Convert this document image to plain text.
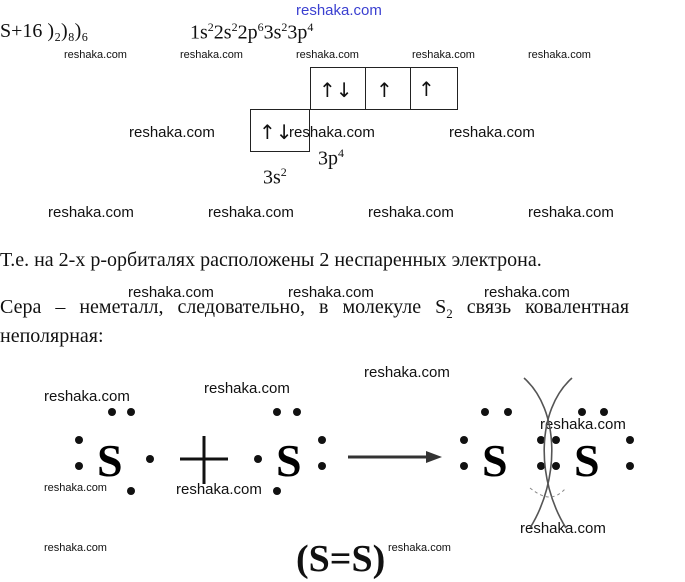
reshaka.com
S+16 )₂)₈)₆	$1s^22s^22p^63s^23p^4$
reshaka.com	reshaka.com	reshaka.com	reshaka.com	reshaka.com
↑↓ ↑ ↑
↑↓
reshaka.com	reshaka.com	reshaka.com
$3p^4$
$3s^2$
reshaka.com	reshaka.com	reshaka.com	reshaka.com
Т.е. на 2-х р-орбиталях расположены 2 неспаренных электрона.
reshaka.com	reshaka.com	reshaka.com
Сера – неметалл, следовательно, в молекуле $S_2$ связь ковалентная
неполярная:
reshaka.com
reshaka.com
reshaka.com
reshaka.com
reshaka.com	reshaka.com
reshaka.com
reshaka.com	reshaka.com
S	S	S S
(S=S)
